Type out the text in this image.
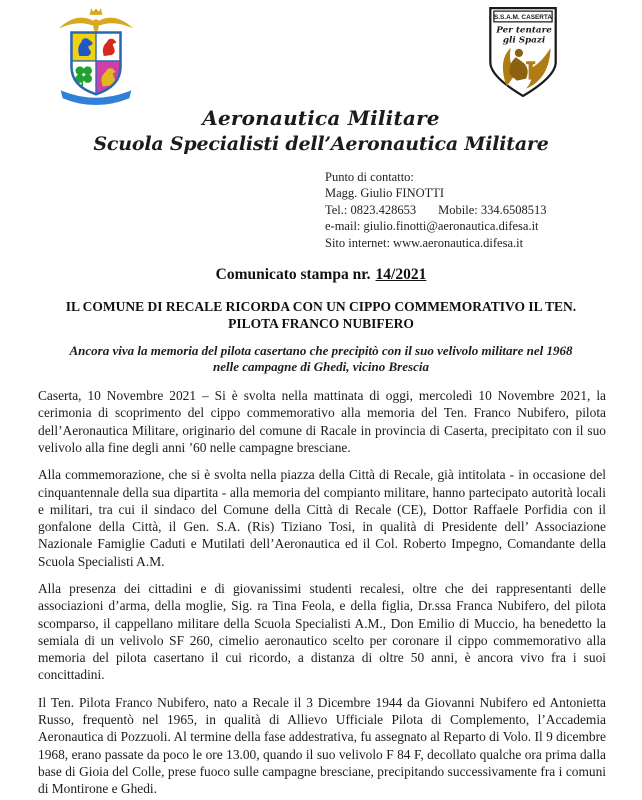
S.S.A.M. CASERTA
Per tentare
gli Spazi
Aeronautica Militare
Scuola Specialisti dell’Aeronautica Militare
Punto di contatto:
Magg. Giulio FINOTTI
Tel.: 0823.428653 Mobile: 334.6508513
e-mail: giulio.finotti@aeronautica.difesa.it
Sito internet: www.aeronautica.difesa.it
Comunicato stampa nr. 14/2021
IL COMUNE DI RECALE RICORDA CON UN CIPPO COMMEMORATIVO IL TEN.
PILOTA FRANCO NUBIFERO
Ancora viva la memoria del pilota casertano che precipitò con il suo velivolo militare nel 1968
nelle campagne di Ghedi, vicino Brescia

Caserta, 10 Novembre 2021 – Si è svolta nella mattinata di oggi, mercoledì 10 Novembre 2021, la cerimonia di scoprimento del cippo commemorativo alla memoria del Ten. Franco Nubifero, pilota dell’Aeronautica Militare, originario del comune di Racale in provincia di Caserta, precipitato con il suo velivolo alla fine degli anni ’60 nelle campagne bresciane.

Alla commemorazione, che si è svolta nella piazza della Città di Recale, già intitolata - in occasione del cinquantennale della sua dipartita - alla memoria del compianto militare, hanno partecipato autorità locali e militari, tra cui il sindaco del Comune della Città di Recale (CE), Dottor Raffaele Porfidia con il gonfalone della Città, il Gen. S.A. (Ris) Tiziano Tosi, in qualità di Presidente dell’ Associazione Nazionale Famiglie Caduti e Mutilati dell’Aeronautica ed il Col. Roberto Impegno, Comandante della Scuola Specialisti A.M.

Alla presenza dei cittadini e di giovanissimi studenti recalesi, oltre che dei rappresentanti delle associazioni d’arma, della moglie, Sig. ra Tina Feola, e della figlia, Dr.ssa Franca Nubifero, del pilota scomparso, il cappellano militare della Scuola Specialisti A.M., Don Emilio di Muccio, ha benedetto la semiala di un velivolo SF 260, cimelio aeronautico scelto per coronare il cippo commemorativo alla memoria del pilota casertano il cui ricordo, a distanza di oltre 50 anni, è ancora vivo fra i suoi concittadini.

Il Ten. Pilota Franco Nubifero, nato a Recale il 3 Dicembre 1944 da Giovanni Nubifero ed Antonietta Russo, frequentò nel 1965, in qualità di Allievo Ufficiale Pilota di Complemento, l’Accademia Aeronautica di Pozzuoli. Al termine della fase addestrativa, fu assegnato al Reparto di Volo. Il 9 dicembre 1968, erano passate da poco le ore 13.00, quando il suo velivolo F 84 F, decollato qualche ora prima dalla base di Gioia del Colle, prese fuoco sulle campagne bresciane, precipitando successivamente fra i comuni di Montirone e Ghedi.
